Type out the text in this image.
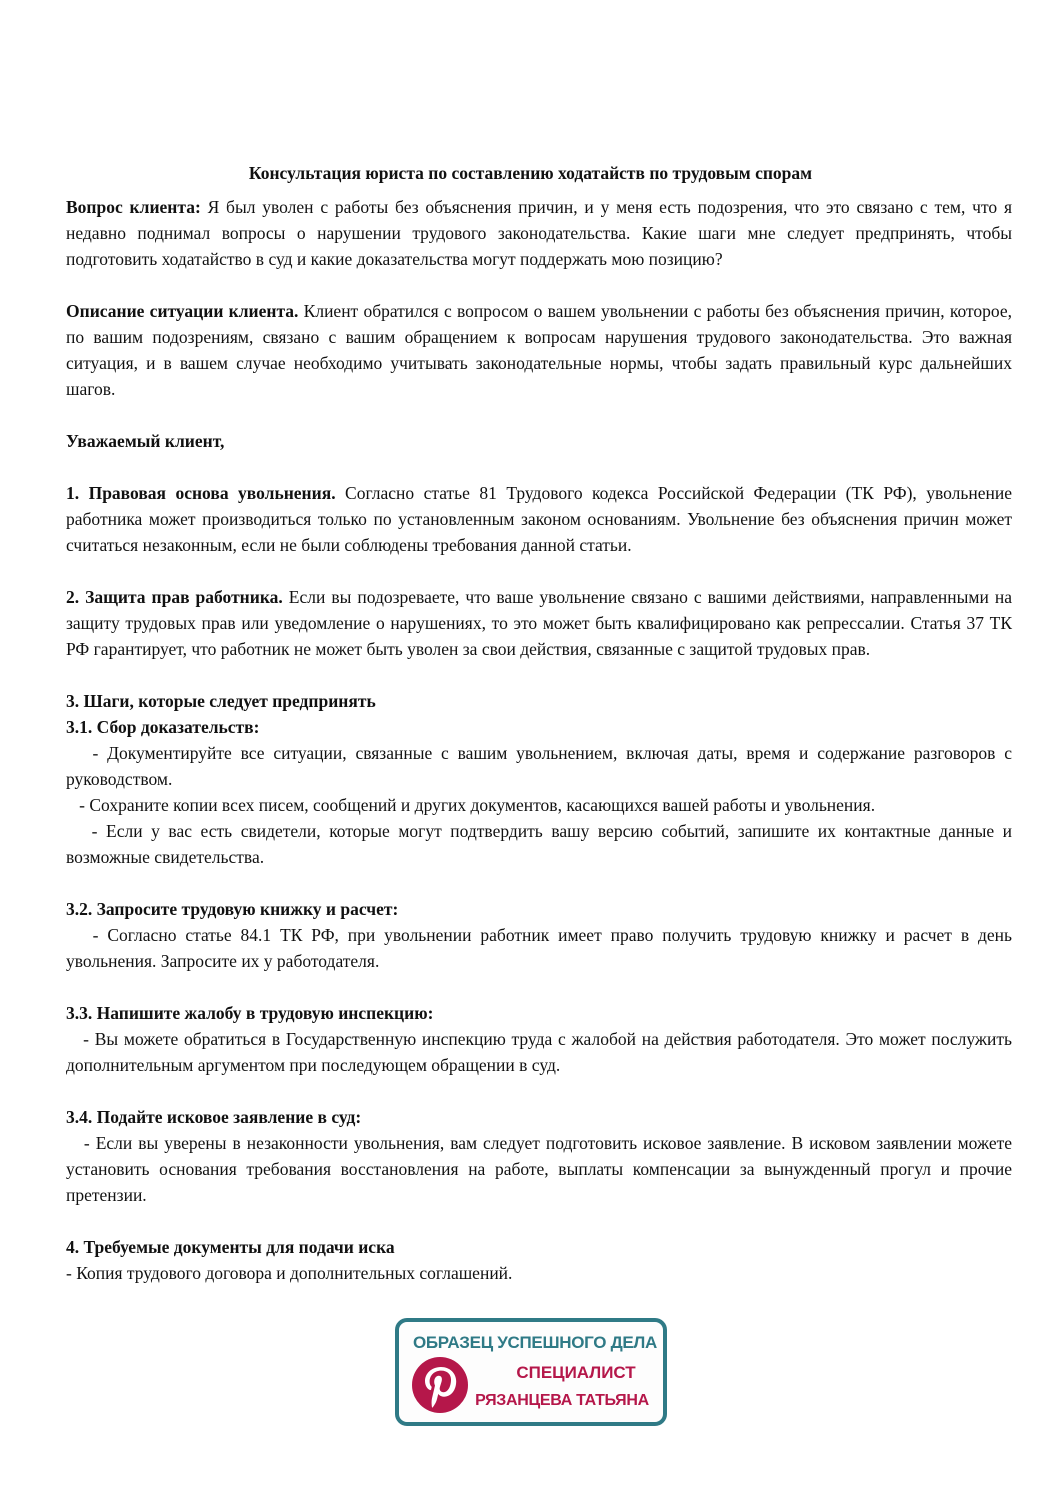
Консультация юриста по составлению ходатайств по трудовым спорам

Вопрос клиента: Я был уволен с работы без объяснения причин, и у меня есть подозрения, что это связано с тем, что я недавно поднимал вопросы о нарушении трудового законодательства. Какие шаги мне следует предпринять, чтобы подготовить ходатайство в суд и какие доказательства могут поддержать мою позицию?

Описание ситуации клиента. Клиент обратился с вопросом о вашем увольнении с работы без объяснения причин, которое, по вашим подозрениям, связано с вашим обращением к вопросам нарушения трудового законодательства. Это важная ситуация, и в вашем случае необходимо учитывать законодательные нормы, чтобы задать правильный курс дальнейших шагов.

Уважаемый клиент,

1. Правовая основа увольнения. Согласно статье 81 Трудового кодекса Российской Федерации (ТК РФ), увольнение работника может производиться только по установленным законом основаниям. Увольнение без объяснения причин может считаться незаконным, если не были соблюдены требования данной статьи.

2. Защита прав работника. Если вы подозреваете, что ваше увольнение связано с вашими действиями, направленными на защиту трудовых прав или уведомление о нарушениях, то это может быть квалифицировано как репрессалии. Статья 37 ТК РФ гарантирует, что работник не может быть уволен за свои действия, связанные с защитой трудовых прав.

3. Шаги, которые следует предпринять

3.1. Сбор доказательств:

- Документируйте все ситуации, связанные с вашим увольнением, включая даты, время и содержание разговоров с руководством.

- Сохраните копии всех писем, сообщений и других документов, касающихся вашей работы и увольнения.

- Если у вас есть свидетели, которые могут подтвердить вашу версию событий, запишите их контактные данные и возможные свидетельства.

3.2. Запросите трудовую книжку и расчет:

- Согласно статье 84.1 ТК РФ, при увольнении работник имеет право получить трудовую книжку и расчет в день увольнения. Запросите их у работодателя.

3.3. Напишите жалобу в трудовую инспекцию:

- Вы можете обратиться в Государственную инспекцию труда с жалобой на действия работодателя. Это может послужить дополнительным аргументом при последующем обращении в суд.

3.4. Подайте исковое заявление в суд:

- Если вы уверены в незаконности увольнения, вам следует подготовить исковое заявление. В исковом заявлении можете установить основания требования восстановления на работе, выплаты компенсации за вынужденный прогул и прочие претензии.

4. Требуемые документы для подачи иска

- Копия трудового договора и дополнительных соглашений.

ОБРАЗЕЦ УСПЕШНОГО ДЕЛА
СПЕЦИАЛИСТ
РЯЗАНЦЕВА ТАТЬЯНА
